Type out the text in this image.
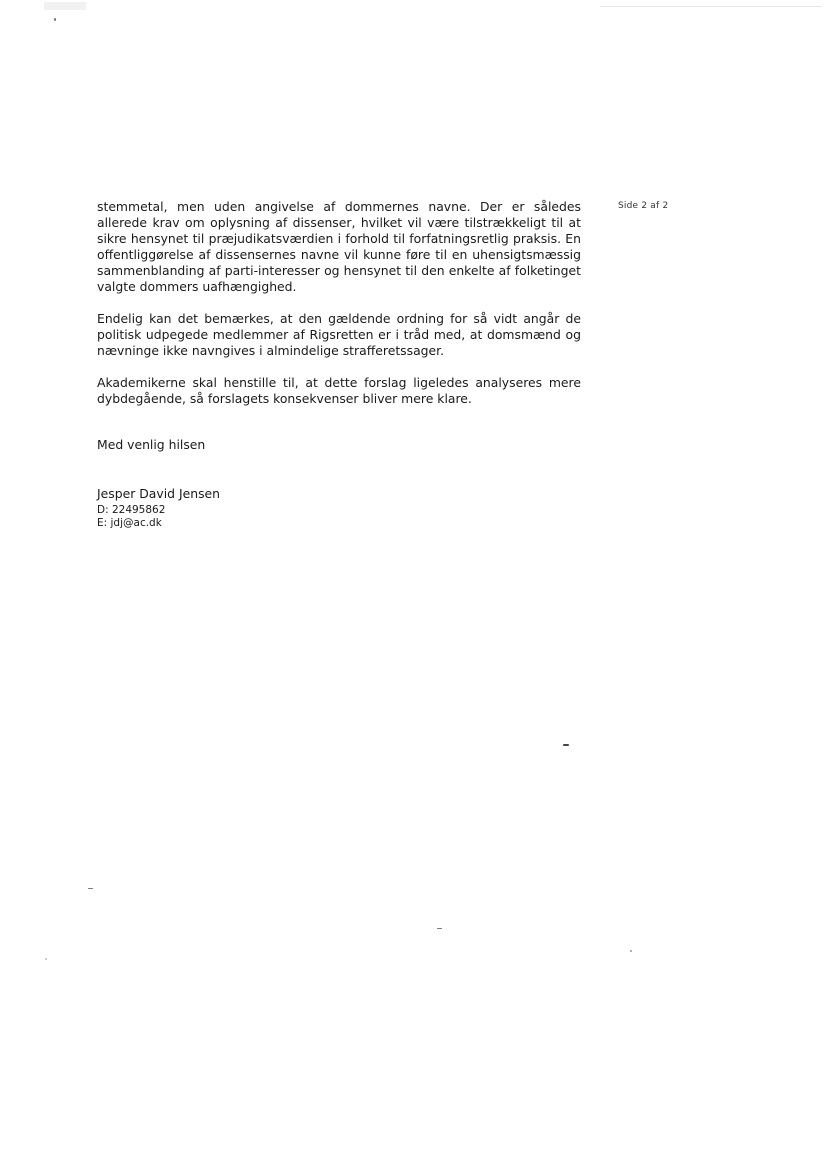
Side 2 af 2

stemmetal, men uden angivelse af dommernes navne. Der er således allerede krav om oplysning af dissenser, hvilket vil være tilstrækkeligt til at sikre hensynet til præjudikatsværdien i forhold til forfatningsretlig praksis. En offentliggørelse af dissensernes navne vil kunne føre til en uhensigtsmæssig sammenblanding af parti-interesser og hensynet til den enkelte af folketinget valgte dommers uafhængighed.

Endelig kan det bemærkes, at den gældende ordning for så vidt angår de politisk udpegede medlemmer af Rigsretten er i tråd med, at domsmænd og nævninge ikke navngives i almindelige strafferetssager.

Akademikerne skal henstille til, at dette forslag ligeledes analyseres mere dybdegående, så forslagets konsekvenser bliver mere klare.

Med venlig hilsen

Jesper David Jensen

D: 22495862

E: jdj@ac.dk
